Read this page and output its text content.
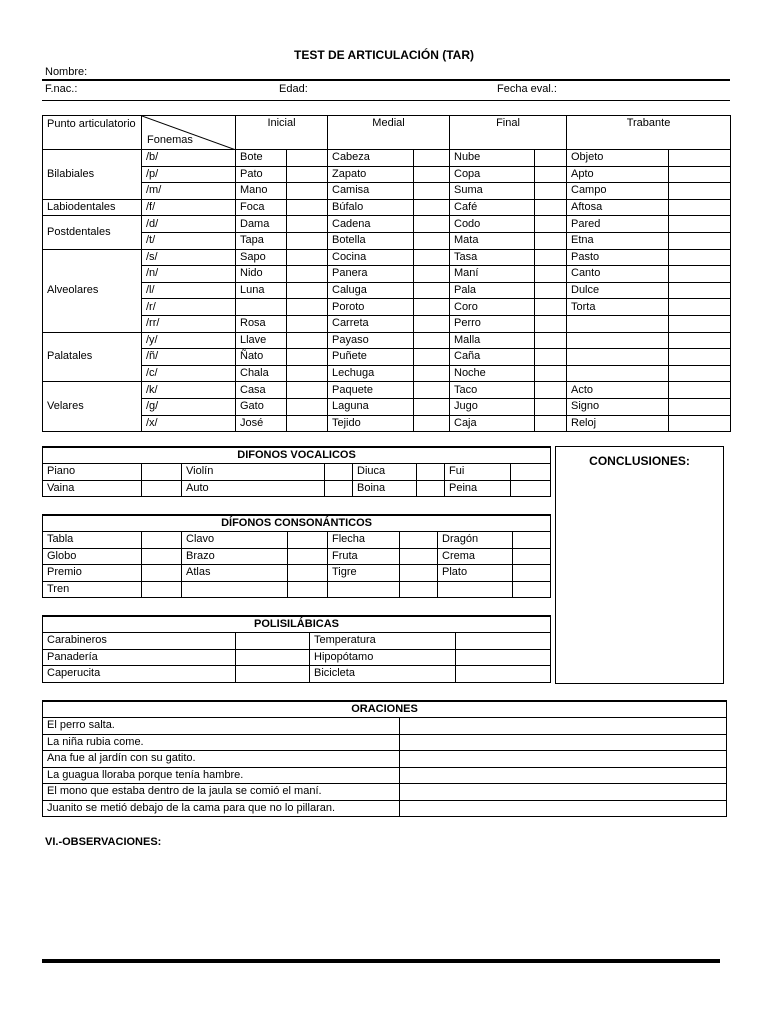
TEST DE ARTICULACIÓN (TAR)
Nombre:
F.nac.:	Edad:	Fecha eval.:
Punto articulatorio	Fonemas	Inicial		Medial		Final		Trabante	
Bilabiales	/b/	Bote		Cabeza		Nube		Objeto	
	/p/	Pato		Zapato		Copa		Apto	
	/m/	Mano		Camisa		Suma		Campo	
Labiodentales	/f/	Foca		Búfalo		Café		Aftosa	
Postdentales	/d/	Dama		Cadena		Codo		Pared	
	/t/	Tapa		Botella		Mata		Etna	
Alveolares	/s/	Sapo		Cocina		Tasa		Pasto	
	/n/	Nido		Panera		Maní		Canto	
	/l/	Luna		Caluga		Pala		Dulce	
	/r/			Poroto		Coro		Torta	
	/rr/	Rosa		Carreta		Perro			
Palatales	/y/	Llave		Payaso		Malla			
	/ñ/	Ñato		Puñete		Caña			
	/c/	Chala		Lechuga		Noche			
Velares	/k/	Casa		Paquete		Taco		Acto	
	/g/	Gato		Laguna		Jugo		Signo	
	/x/	José		Tejido		Caja		Reloj	
DIFONOS VOCALICOS							
Piano		Violín		Diuca		Fui	
Vaina		Auto		Boina		Peina	
DÍFONOS CONSONÁNTICOS							
Tabla		Clavo		Flecha		Dragón	
Globo		Brazo		Fruta		Crema	
Premio		Atlas		Tigre		Plato	
Tren							
POLISILÁBICAS			
Carabineros		Temperatura	
Panadería		Hipopótamo	
Caperucita		Bicicleta	
CONCLUSIONES:
ORACIONES	
El perro salta.	
La niña rubia come.	
Ana fue al jardín con su gatito.	
La guagua lloraba porque tenía hambre.	
El mono que estaba dentro de la jaula se comió el maní.	
Juanito se metió debajo de la cama para que no lo pillaran.	
VI.-OBSERVACIONES:
